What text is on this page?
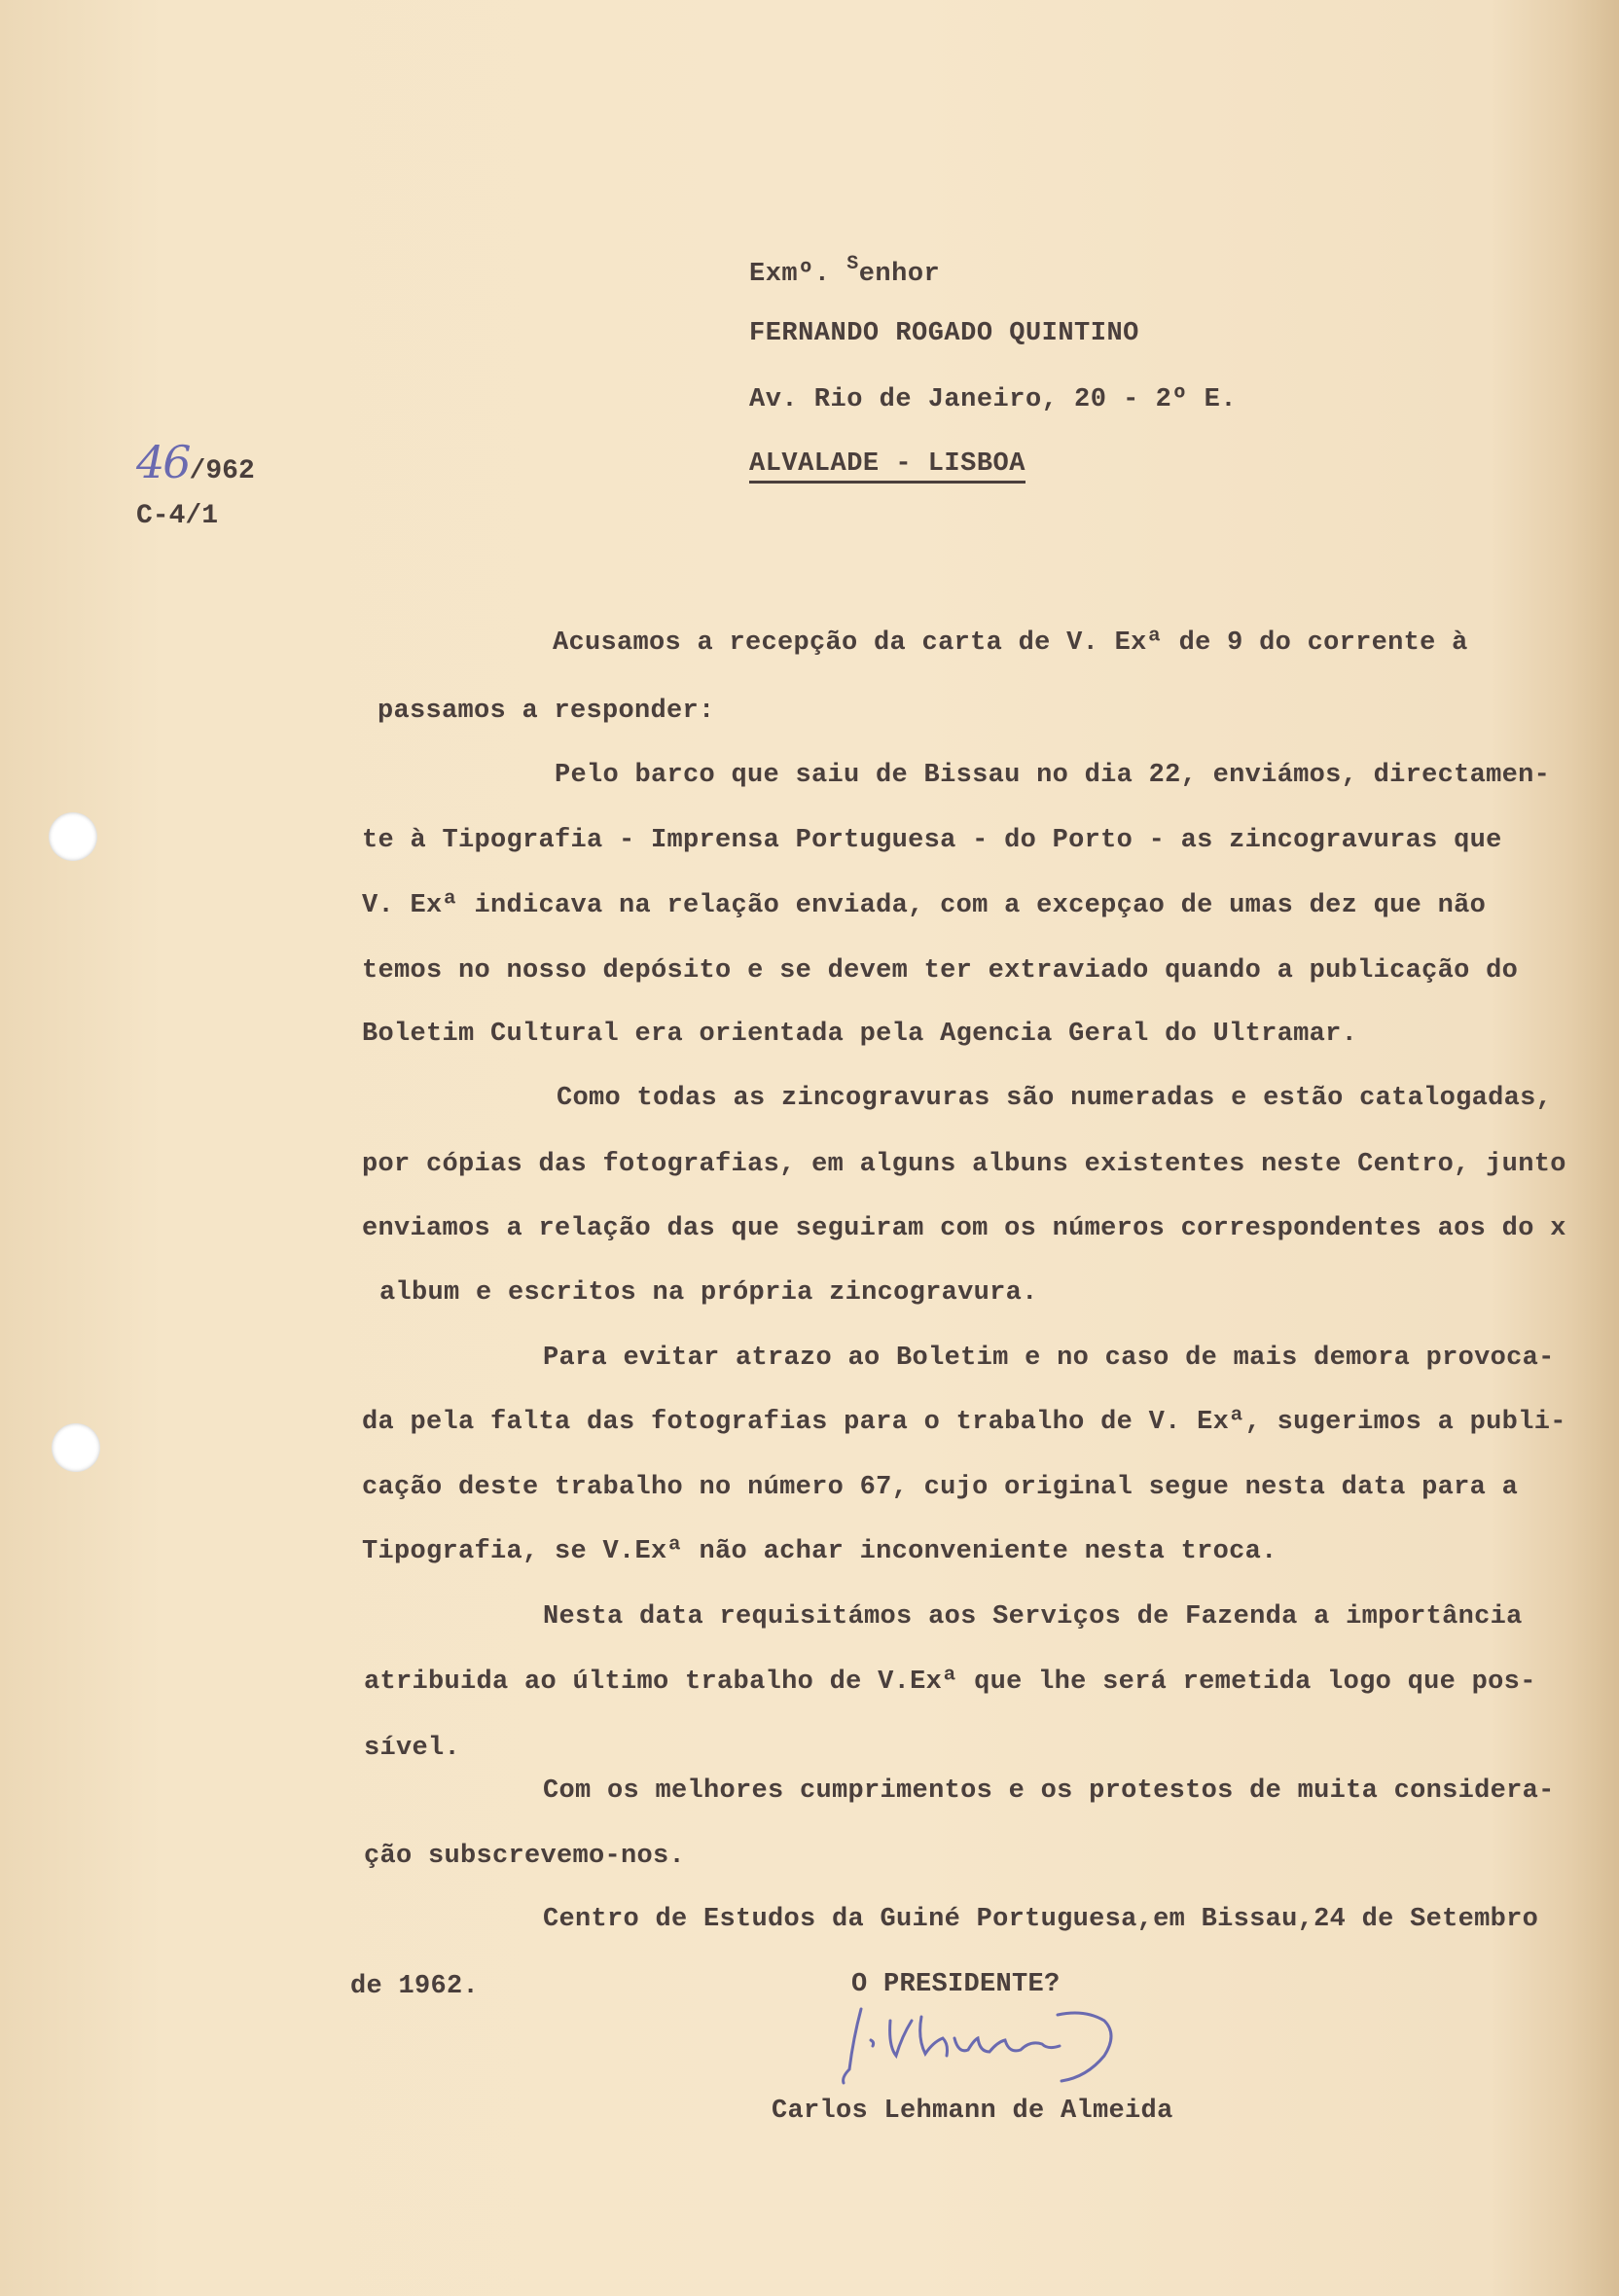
46/962
C-4/1
Exmº. $^S$enhor
FERNANDO ROGADO QUINTINO
Av. Rio de Janeiro, 20 - 2º E.
ALVALADE - LISBOA
Acusamos a recepção da carta de V. Exª de 9 do corrente à
passamos a responder:
Pelo barco que saiu de Bissau no dia 22, enviámos, directamen-
te à Tipografia - Imprensa Portuguesa - do Porto - as zincogravuras que
V. Exª indicava na relação enviada, com a excepçao de umas dez que não
temos no nosso depósito e se devem ter extraviado quando a publicação do
Boletim Cultural era orientada pela Agencia Geral do Ultramar.
Como todas as zincogravuras são numeradas e estão catalogadas,
por cópias das fotografias, em alguns albuns existentes neste Centro, junto
enviamos a relação das que seguiram com os números correspondentes aos do x
album e escritos na própria zincogravura.
Para evitar atrazo ao Boletim e no caso de mais demora provoca-
da pela falta das fotografias para o trabalho de V. Exª, sugerimos a publi-
cação deste trabalho no número 67, cujo original segue nesta data para a
Tipografia, se V.Exª não achar inconveniente nesta troca.
Nesta data requisitámos aos Serviços de Fazenda a importância
atribuida ao último trabalho de V.Exª que lhe será remetida logo que pos-
sível.
Com os melhores cumprimentos e os protestos de muita considera-
ção subscrevemo-nos.
Centro de Estudos da Guiné Portuguesa,em Bissau,24 de Setembro
de 1962.	O PRESIDENTE?
Carlos Lehmann de Almeida
